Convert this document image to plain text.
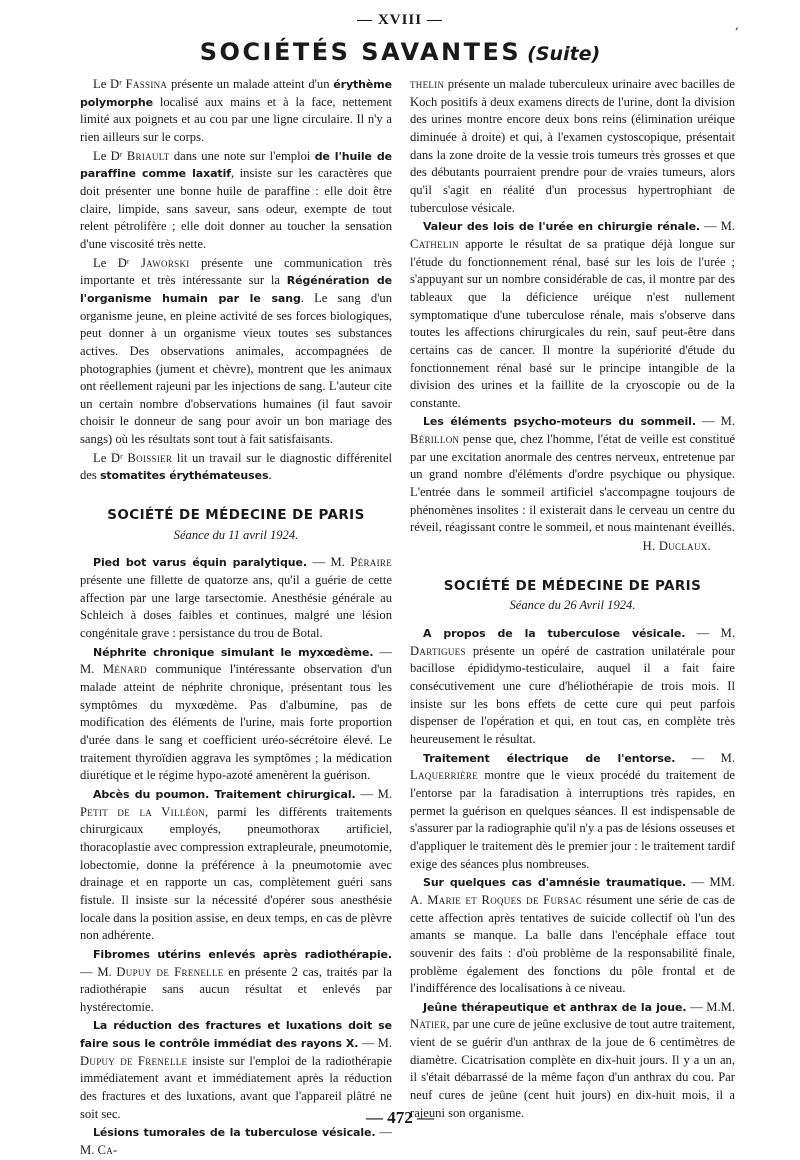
— XVIII —	,
SOCIÉTÉS SAVANTES (Suite)

Le Dʳ Fassina présente un malade atteint d'un érythème polymorphe localisé aux mains et à la face, nettement limité aux poignets et au cou par une ligne circulaire. Il n'y a rien ailleurs sur le corps.

Le Dʳ Briault dans une note sur l'emploi de l'huile de paraffine comme laxatif, insiste sur les caractères que doit présenter une bonne huile de paraffine : elle doit être claire, limpide, sans saveur, sans odeur, exempte de tout relent pétrolifère ; elle doit donner au toucher la sensation d'une viscosité très nette.

Le Dʳ Jaworski présente une communication très importante et très intéressante sur la Régénération de l'organisme humain par le sang. Le sang d'un organisme jeune, en pleine activité de ses forces biologiques, peut donner à un organisme vieux toutes ses substances actives. Des observations animales, accompagnées de photographies (jument et chèvre), montrent que les animaux ont réellement rajeuni par les injections de sang. L'auteur cite un certain nombre d'observations humaines (il faut savoir choisir le donneur de sang pour avoir un bon mariage des sangs) où les résultats sont tout à fait satisfaisants.

Le Dʳ Boissier lit un travail sur le diagnostic différenitel des stomatites érythémateuses.

SOCIÉTÉ DE MÉDECINE DE PARIS
Séance du 11 avril 1924.

Pied bot varus équin paralytique. — M. Péraire présente une fillette de quatorze ans, qu'il a guérie de cette affection par une large tarsectomie. Anesthésie générale au Schleich à doses faibles et continues, malgré une lésion congénitale grave : persistance du trou de Botal.

Néphrite chronique simulant le myxœdème. — M. Ménard communique l'intéressante observation d'un malade atteint de néphrite chronique, présentant tous les symptômes du myxœdème. Pas d'albumine, pas de modification des éléments de l'urine, mais forte proportion d'urée dans le sang et coefficient uréo-sécrétoire élevé. Le traitement thyroïdien aggrava les symptômes ; la médication diurétique et le régime hypo-azoté amenèrent la guérison.

Abcès du poumon. Traitement chirurgical. — M. Petit de la Villéon, parmi les différents traitements chirurgicaux employés, pneumothorax artificiel, thoracoplastie avec compression extrapleurale, pneumotomie, lobectomie, donne la préférence à la pneumotomie avec drainage et en rapporte un cas, complètement guéri sans fistule. Il insiste sur la nécessité d'opérer sous anesthésie locale dans la position assise, en deux temps, en cas de plèvre non adhérente.

Fibromes utérins enlevés après radiothérapie. — M. Dupuy de Frenelle en présente 2 cas, traités par la radiothérapie sans aucun résultat et enlevés par hystérectomie.

La réduction des fractures et luxations doit se faire sous le contrôle immédiat des rayons X. — M. Dupuy de Frenelle insiste sur l'emploi de la radiothérapie immédiatement avant et immédiatement après la réduction des fractures et des luxations, avant que l'appareil plâtré ne soit sec.

Lésions tumorales de la tuberculose vésicale. — M. Ca-

thelin présente un malade tuberculeux urinaire avec bacilles de Koch positifs à deux examens directs de l'urine, dont la division des urines montre encore deux bons reins (élimination uréique diminuée à droite) et qui, à l'examen cystoscopique, présentait dans la zone droite de la vessie trois tumeurs très grosses et que des débutants pourraient prendre pour de vraies tumeurs, alors qu'il s'agit en réalité d'un processus hypertrophiant de tuberculose vésicale.

Valeur des lois de l'urée en chirurgie rénale. — M. Cathelin apporte le résultat de sa pratique déjà longue sur l'étude du fonctionnement rénal, basé sur les lois de l'urée ; s'appuyant sur un nombre considérable de cas, il montre par des tableaux que la déficience uréique n'est nullement symptomatique d'une tuberculose rénale, mais s'observe dans toutes les affections chirurgicales du rein, sauf peut-être dans certains cas de cancer. Il montre la supériorité d'étude du fonctionnement rénal basé sur le principe intangible de la division des urines et la faillite de la cryoscopie ou de la constante.

Les éléments psycho-moteurs du sommeil. — M. Bérillon pense que, chez l'homme, l'état de veille est constitué par une excitation anormale des centres nerveux, entretenue par un grand nombre d'éléments d'ordre psychique ou physique. L'entrée dans le sommeil artificiel s'accompagne toujours de phénomènes insolites : il existerait dans le cerveau un centre du réveil, réagissant contre le sommeil, et nous maintenant éveillés.

H. Duclaux.

SOCIÉTÉ DE MÉDECINE DE PARIS
Séance du 26 Avril 1924.

A propos de la tuberculose vésicale. — M. Dartigues présente un opéré de castration unilatérale pour bacillose épididymo-testiculaire, auquel il a fait faire consécutivement une cure d'héliothérapie de trois mois. Il insiste sur les bons effets de cette cure qui peut parfois dispenser de l'opération et qui, en tout cas, en complète très heureusement le résultat.

Traitement électrique de l'entorse. — M. Laquerrière montre que le vieux procédé du traitement de l'entorse par la faradisation à interruptions très rapides, en permet la guérison en quelques séances. Il est indispensable de s'assurer par la radiographie qu'il n'y a pas de lésions osseuses et d'appliquer le traitement dès le premier jour : le traitement tardif exige des séances plus nombreuses.

Sur quelques cas d'amnésie traumatique. — MM. A. Marie et Roques de Fursac résument une série de cas de cette affection après tentatives de suicide collectif où l'un des amants se manque. La balle dans l'encéphale efface tout souvenir des faits : d'où problème de la responsabilité finale, problème également des fonctions du pôle frontal et de l'indifférence des localisations à ce niveau.

Jeûne thérapeutique et anthrax de la joue. — M.M. Natier, par une cure de jeûne exclusive de tout autre traitement, vient de se guérir d'un anthrax de la joue de 6 centimètres de diamètre. Cicatrisation complète en dix-huit jours. Il y a un an, il s'était débarrassé de la même façon d'un anthrax du cou. Par neuf cures de jeûne (cent huit jours) en dix-huit mois, il a rajeuni son organisme.

— 472 —
